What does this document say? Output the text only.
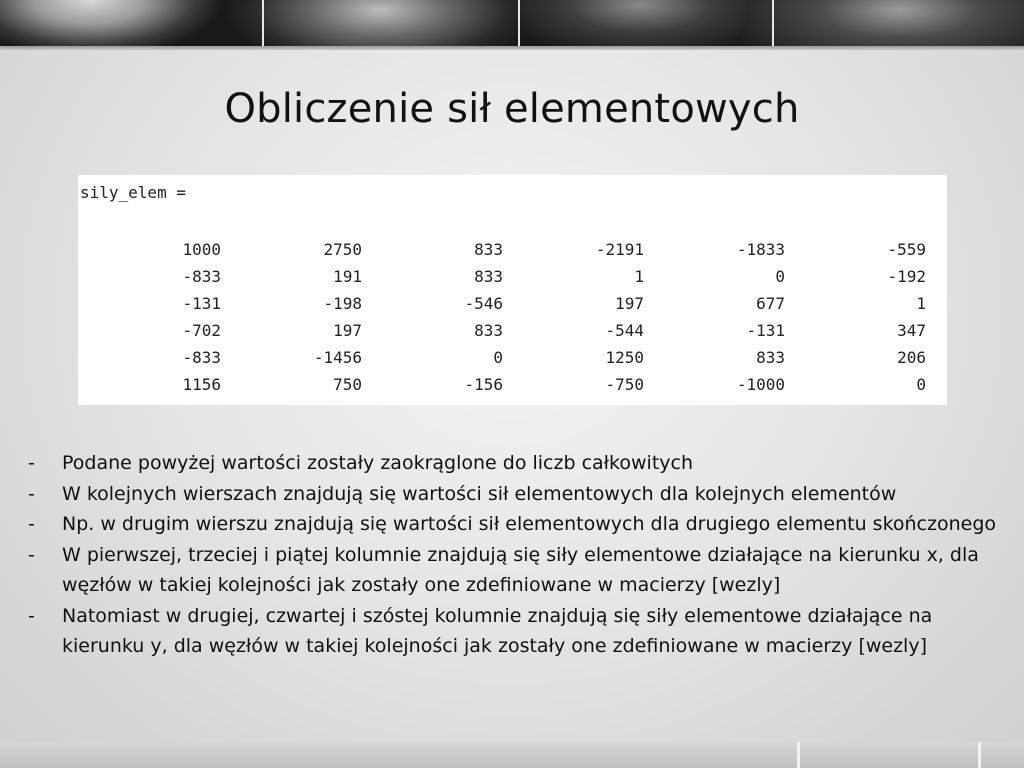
Obliczenie sił elementowych
sily_elem =
1000	2750	833	-2191	-1833	-559
-833	191	833	1	0	-192
-131	-198	-546	197	677	1
-702	197	833	-544	-131	347
-833	-1456	0	1250	833	206
1156	750	-156	-750	-1000	0
- Podane powyżej wartości zostały zaokrąglone do liczb całkowitych
- W kolejnych wierszach znajdują się wartości sił elementowych dla kolejnych elementów
- Np. w drugim wierszu znajdują się wartości sił elementowych dla drugiego elementu skończonego
- W pierwszej, trzeciej i piątej kolumnie znajdują się siły elementowe działające na kierunku x, dla węzłów w takiej kolejności jak zostały one zdefiniowane w macierzy [wezly]
- Natomiast w drugiej, czwartej i szóstej kolumnie znajdują się siły elementowe działające na kierunku y, dla węzłów w takiej kolejności jak zostały one zdefiniowane w macierzy [wezly]
